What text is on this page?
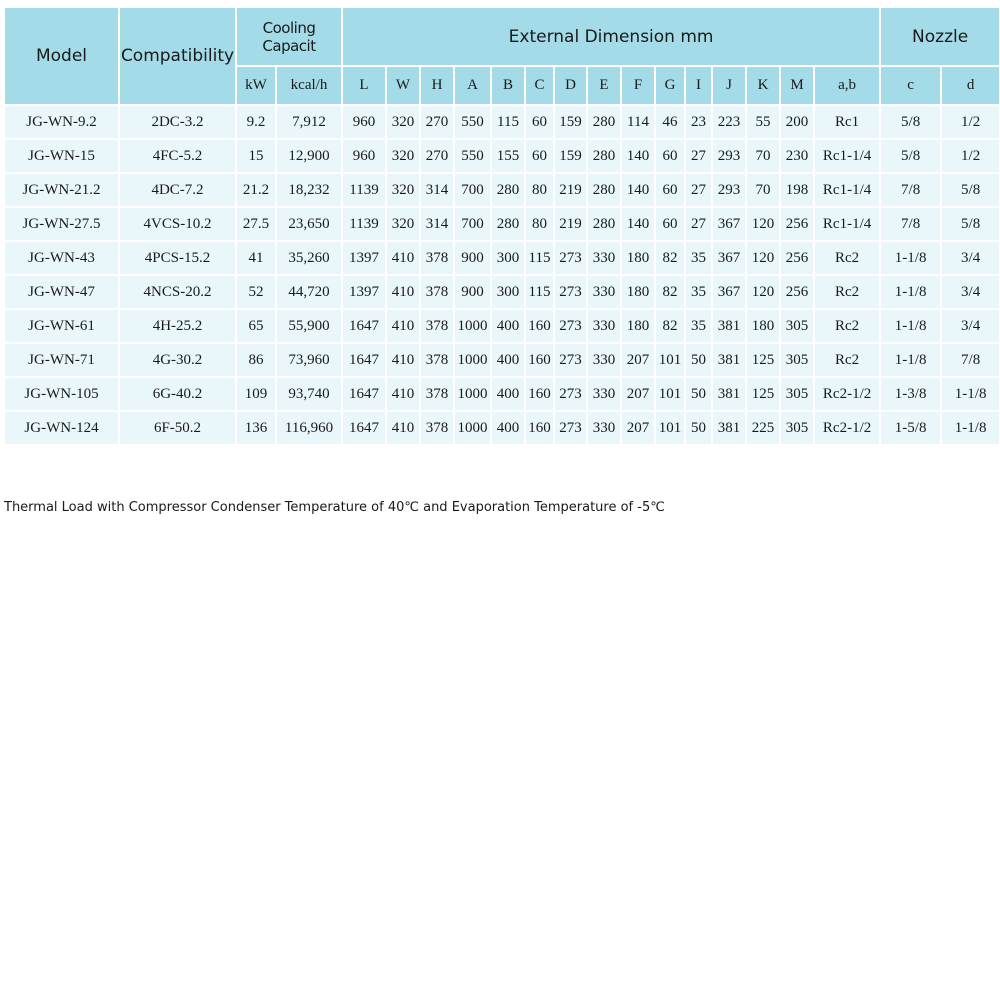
Model	Compatibility	Cooling Capacit		External Dimension mm															Nozzle	
		kW	kcal/h	L	W	H	A	B	C	D	E	F	G	I	J	K	M	a,b	c	d
JG-WN-9.2	2DC-3.2	9.2	7,912	960	320	270	550	115	60	159	280	114	46	23	223	55	200	Rc1	5/8	1/2
JG-WN-15	4FC-5.2	15	12,900	960	320	270	550	155	60	159	280	140	60	27	293	70	230	Rc1-1/4	5/8	1/2
JG-WN-21.2	4DC-7.2	21.2	18,232	1139	320	314	700	280	80	219	280	140	60	27	293	70	198	Rc1-1/4	7/8	5/8
JG-WN-27.5	4VCS-10.2	27.5	23,650	1139	320	314	700	280	80	219	280	140	60	27	367	120	256	Rc1-1/4	7/8	5/8
JG-WN-43	4PCS-15.2	41	35,260	1397	410	378	900	300	115	273	330	180	82	35	367	120	256	Rc2	1-1/8	3/4
JG-WN-47	4NCS-20.2	52	44,720	1397	410	378	900	300	115	273	330	180	82	35	367	120	256	Rc2	1-1/8	3/4
JG-WN-61	4H-25.2	65	55,900	1647	410	378	1000	400	160	273	330	180	82	35	381	180	305	Rc2	1-1/8	3/4
JG-WN-71	4G-30.2	86	73,960	1647	410	378	1000	400	160	273	330	207	101	50	381	125	305	Rc2	1-1/8	7/8
JG-WN-105	6G-40.2	109	93,740	1647	410	378	1000	400	160	273	330	207	101	50	381	125	305	Rc2-1/2	1-3/8	1-1/8
JG-WN-124	6F-50.2	136	116,960	1647	410	378	1000	400	160	273	330	207	101	50	381	225	305	Rc2-1/2	1-5/8	1-1/8
Thermal Load with Compressor Condenser Temperature of 40℃ and Evaporation Temperature of -5℃
